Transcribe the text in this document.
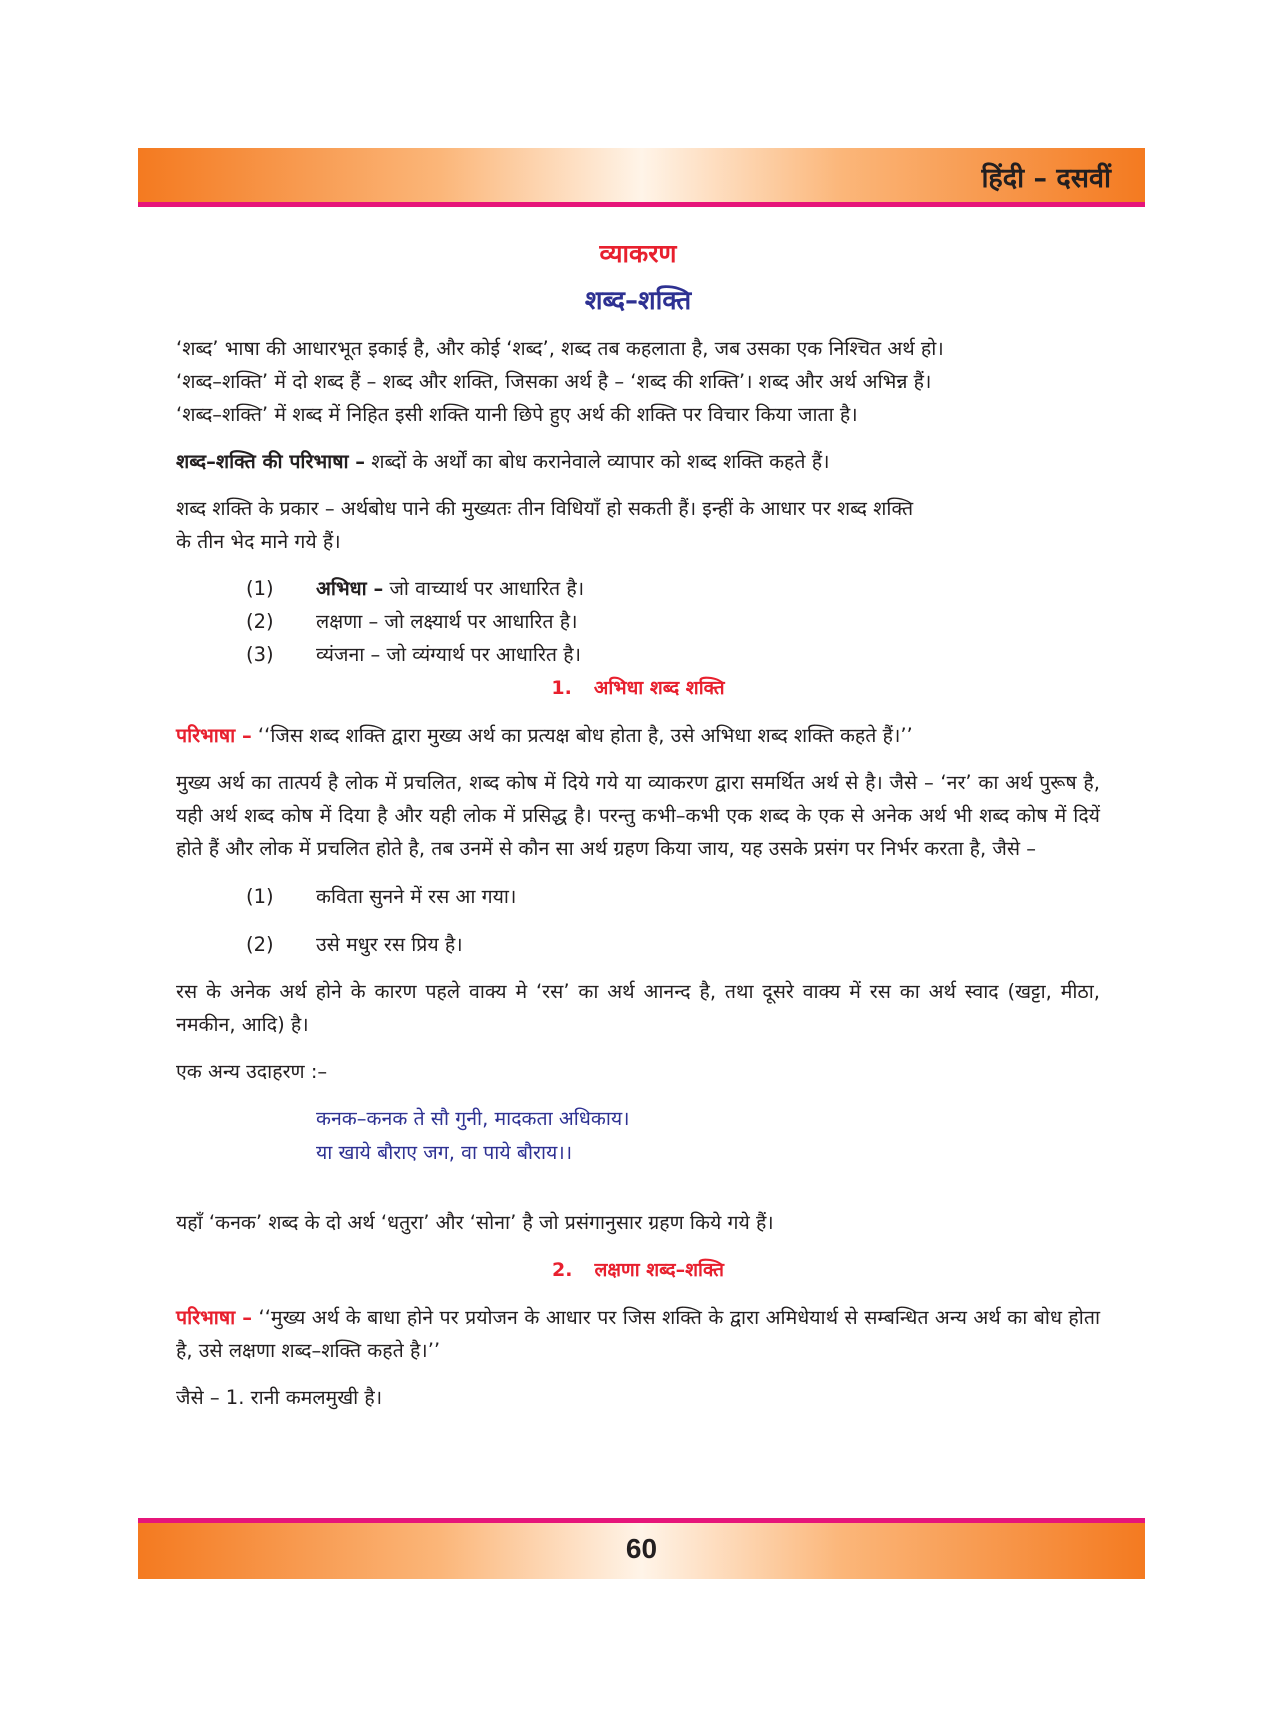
हिंदी – दसवीं
व्याकरण
शब्द–शक्ति

‘शब्द’ भाषा की आधारभूत इकाई है, और कोई ‘शब्द’, शब्द तब कहलाता है, जब उसका एक निश्चित अर्थ हो।
‘शब्द–शक्ति’ में दो शब्द हैं – शब्द और शक्ति, जिसका अर्थ है – ‘शब्द की शक्ति’। शब्द और अर्थ अभिन्न हैं।
‘शब्द–शक्ति’ में शब्द में निहित इसी शक्ति यानी छिपे हुए अर्थ की शक्ति पर विचार किया जाता है।

शब्द–शक्ति की परिभाषा – शब्दों के अर्थों का बोध करानेवाले व्यापार को शब्द शक्ति कहते हैं।

शब्द शक्ति के प्रकार – अर्थबोध पाने की मुख्यतः तीन विधियाँ हो सकती हैं। इन्हीं के आधार पर शब्द शक्ति
के तीन भेद माने गये हैं।

(1)	अभिधा – जो वाच्यार्थ पर आधारित है।
(2)	लक्षणा – जो लक्ष्यार्थ पर आधारित है।
(3)	व्यंजना – जो व्यंग्यार्थ पर आधारित है।

1. अभिधा शब्द शक्ति

परिभाषा – ‘‘जिस शब्द शक्ति द्वारा मुख्य अर्थ का प्रत्यक्ष बोध होता है, उसे अभिधा शब्द शक्ति कहते हैं।’’

मुख्य अर्थ का तात्पर्य है लोक में प्रचलित, शब्द कोष में दिये गये या व्याकरण द्वारा समर्थित अर्थ से है। जैसे – ‘नर’ का अर्थ पुरूष है, यही अर्थ शब्द कोष में दिया है और यही लोक में प्रसिद्ध है। परन्तु कभी–कभी एक शब्द के एक से अनेक अर्थ भी शब्द कोष में दियें होते हैं और लोक में प्रचलित होते है, तब उनमें से कौन सा अर्थ ग्रहण किया जाय, यह उसके प्रसंग पर निर्भर करता है, जैसे –

(1)	कविता सुनने में रस आ गया।
(2)	उसे मधुर रस प्रिय है।

रस के अनेक अर्थ होने के कारण पहले वाक्य मे ‘रस’ का अर्थ आनन्द है, तथा दूसरे वाक्य में रस का अर्थ स्वाद (खट्टा, मीठा, नमकीन, आदि) है।

एक अन्य उदाहरण :–

कनक–कनक ते सौ गुनी, मादकता अधिकाय।
या खाये बौराए जग, वा पाये बौराय।।

यहाँ ‘कनक’ शब्द के दो अर्थ ‘धतुरा’ और ‘सोना’ है जो प्रसंगानुसार ग्रहण किये गये हैं।

2. लक्षणा शब्द–शक्ति

परिभाषा – ‘‘मुख्य अर्थ के बाधा होने पर प्रयोजन के आधार पर जिस शक्ति के द्वारा अमिधेयार्थ से सम्बन्धित अन्य अर्थ का बोध होता है, उसे लक्षणा शब्द–शक्ति कहते है।’’

जैसे – 1. रानी कमलमुखी है।

60
